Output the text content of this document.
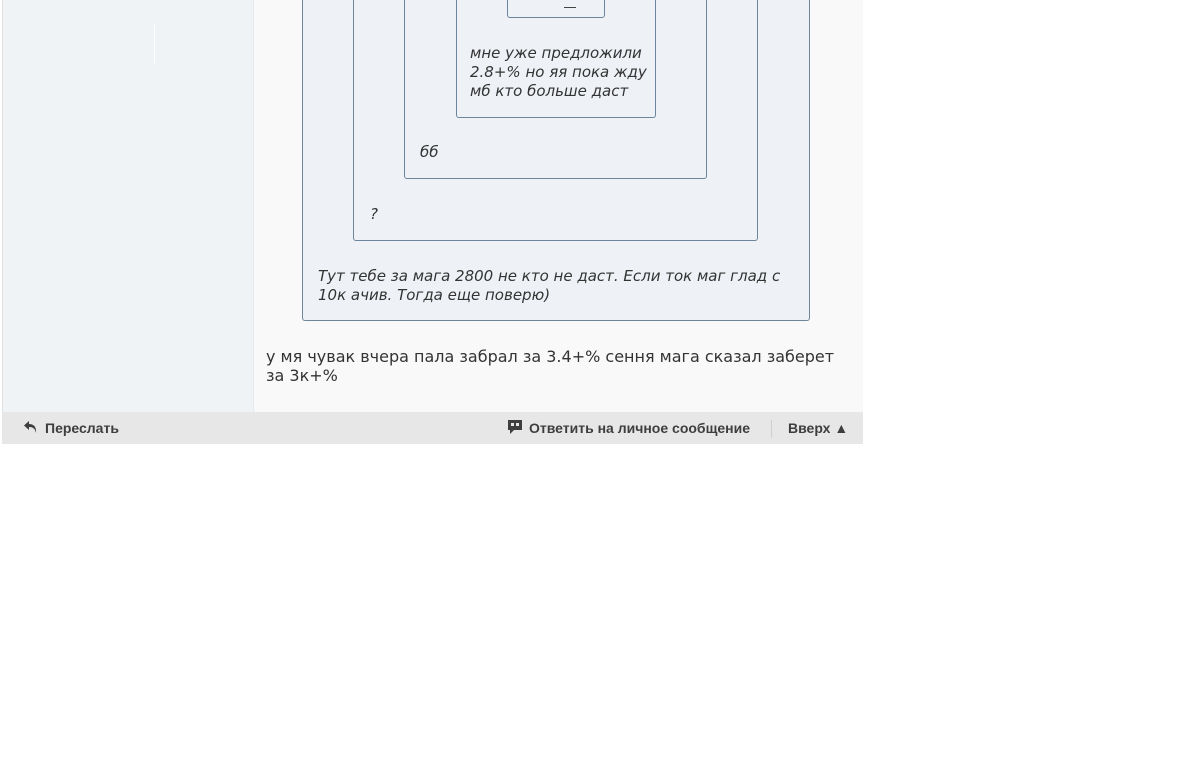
мне уже предложили 2.8+% но яя пока жду мб кто больше даст
бб
?
Тут тебе за мага 2800 не кто не даст. Если ток маг глад с 10к ачив. Тогда еще поверю)
у мя чувак вчера пала забрал за 3.4+% сення мага сказал заберет за 3к+%
Переслать	Ответить на личное сообщение	Вверх ▲
